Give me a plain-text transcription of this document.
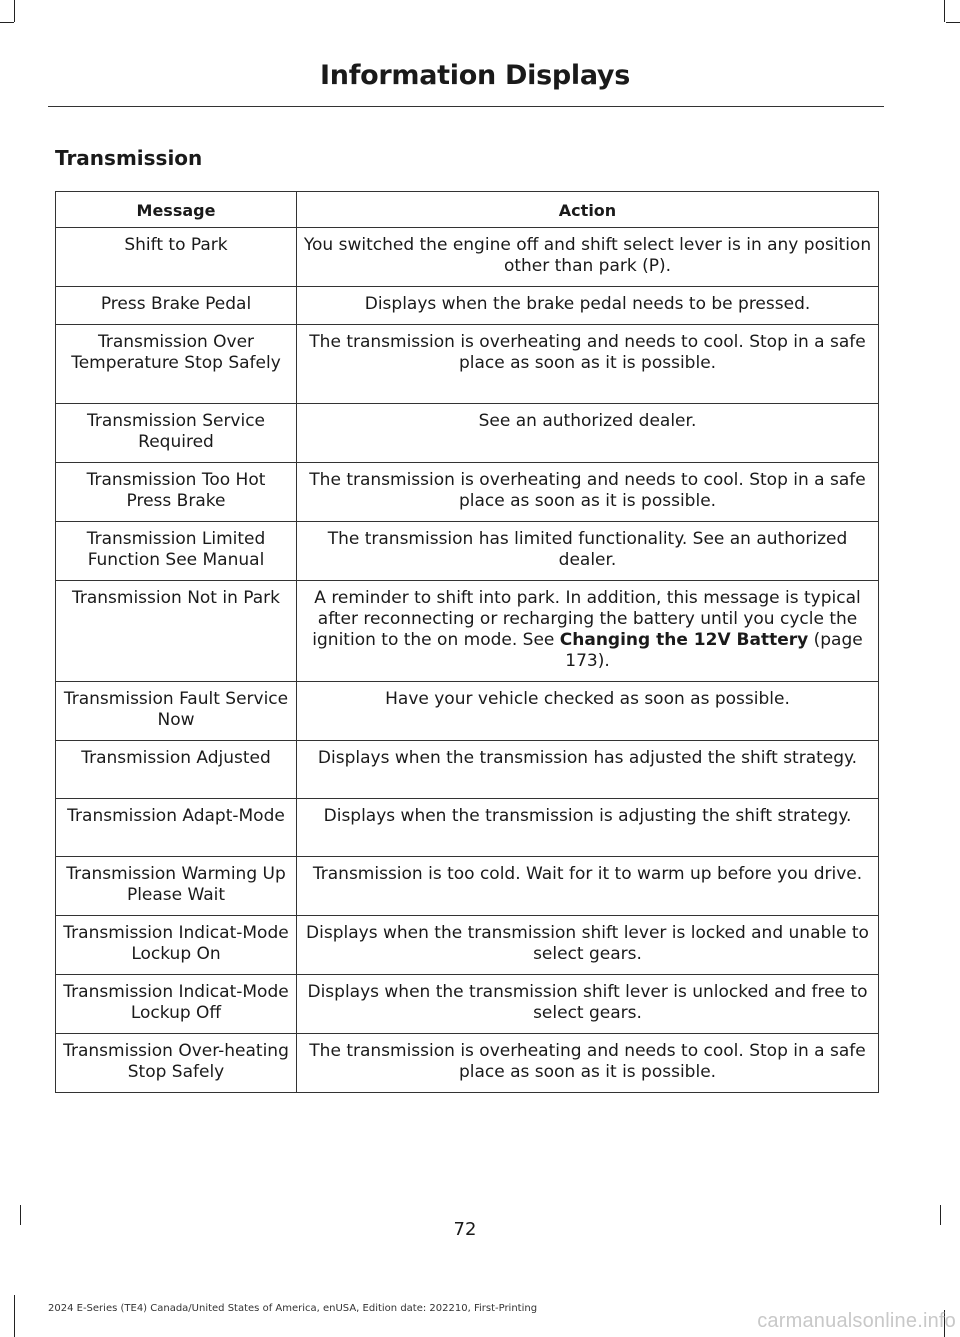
Information Displays
Transmission
Message	Action
Shift to Park	You switched the engine off and shift select lever is in any position other than park (P).
Press Brake Pedal	Displays when the brake pedal needs to be pressed.
Transmission Over Temperature Stop Safely	The transmission is overheating and needs to cool. Stop in a safe place as soon as it is possible.
Transmission Service Required	See an authorized dealer.
Transmission Too Hot Press Brake	The transmission is overheating and needs to cool. Stop in a safe place as soon as it is possible.
Transmission Limited Function See Manual	The transmission has limited functionality. See an authorized dealer.
Transmission Not in Park	A reminder to shift into park. In addition, this message is typical after reconnecting or recharging the battery until you cycle the ignition to the on mode. See Changing the 12V Battery (page 173).
Transmission Fault Service Now	Have your vehicle checked as soon as possible.
Transmission Adjusted	Displays when the transmission has adjusted the shift strategy.
Transmission Adapt-Mode	Displays when the transmission is adjusting the shift strategy.
Transmission Warming Up Please Wait	Transmission is too cold. Wait for it to warm up before you drive.
Transmission Indicat-Mode Lockup On	Displays when the transmission shift lever is locked and unable to select gears.
Transmission Indicat-Mode Lockup Off	Displays when the transmission shift lever is unlocked and free to select gears.
Transmission Over-heating Stop Safely	The transmission is overheating and needs to cool. Stop in a safe place as soon as it is possible.
72
2024 E-Series (TE4) Canada/United States of America, enUSA, Edition date: 202210, First-Printing
carmanualsonline.info
